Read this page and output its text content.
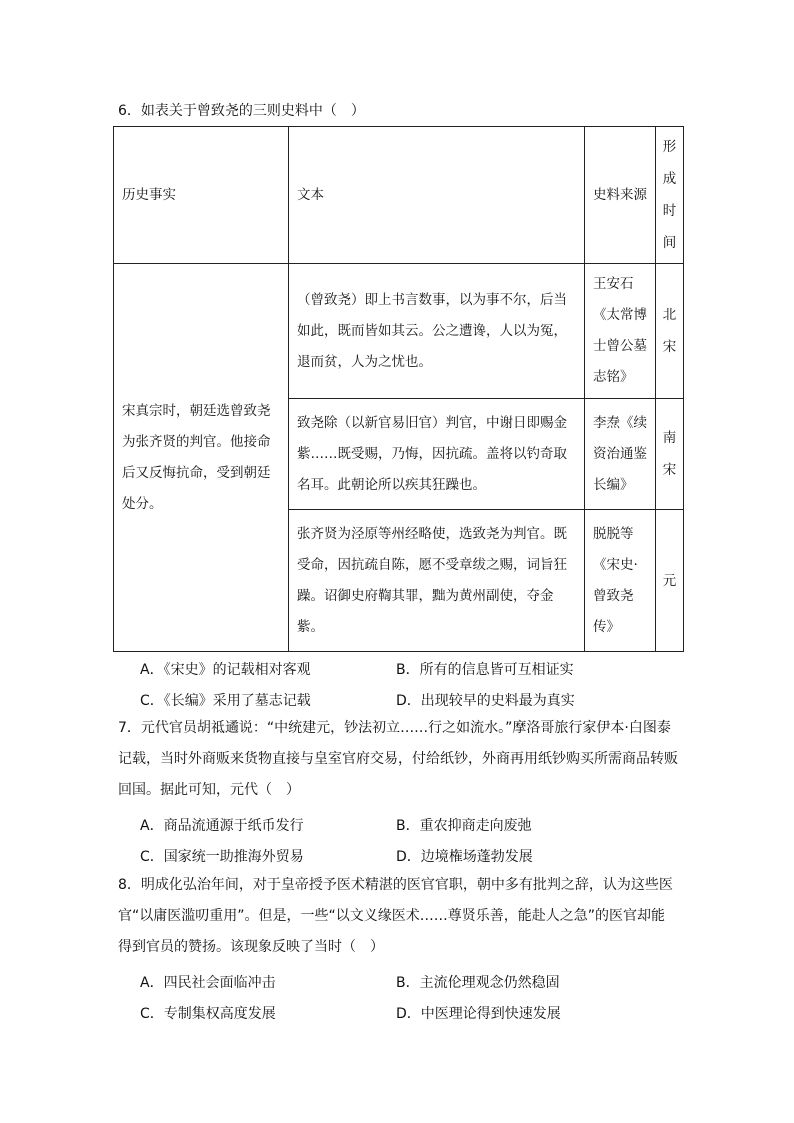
6．如表关于曾致尧的三则史料中（　）
历史事实	文本	史料来源	形成时间

宋真宗时，朝廷选曾致尧为张齐贤的判官。他接命后又反悔抗命，受到朝廷处分。	（曾致尧）即上书言数事，以为事不尔，后当如此，既而皆如其云。公之遭谗，人以为冤，退而贫，人为之忧也。	王安石《太常博士曾公墓志铭》	北宋

	致尧除（以新官易旧官）判官，中谢日即赐金紫……既受赐，乃悔，因抗疏。盖将以钓奇取名耳。此朝论所以疾其狂躁也。	李焘《续资治通鉴长编》	南宋

	张齐贤为泾原等州经略使，选致尧为判官。既受命，因抗疏自陈，愿不受章绂之赐，词旨狂躁。诏御史府鞫其罪，黜为黄州副使，夺金紫。	脱脱等《宋史·曾致尧传》	元
A．《宋史》的记载相对客观	B．所有的信息皆可互相证实
C．《长编》采用了墓志记载	D．出现较早的史料最为真实
7．元代官员胡祗遹说：“中统建元，钞法初立……行之如流水。”摩洛哥旅行家伊本·白图泰记载，当时外商贩来货物直接与皇室官府交易，付给纸钞，外商再用纸钞购买所需商品转贩回国。据此可知，元代（　）
A．商品流通源于纸币发行	B．重农抑商走向废弛
C．国家统一助推海外贸易	D．边境権场蓬勃发展
8．明成化弘治年间，对于皇帝授予医术精湛的医官官职，朝中多有批判之辞，认为这些医官“以庸医滥叨重用”。但是，一些“以文义缘医术……尊贤乐善，能赴人之急”的医官却能得到官员的赞扬。该现象反映了当时（　）
A．四民社会面临冲击	B．主流伦理观念仍然稳固
C．专制集权高度发展	D．中医理论得到快速发展
